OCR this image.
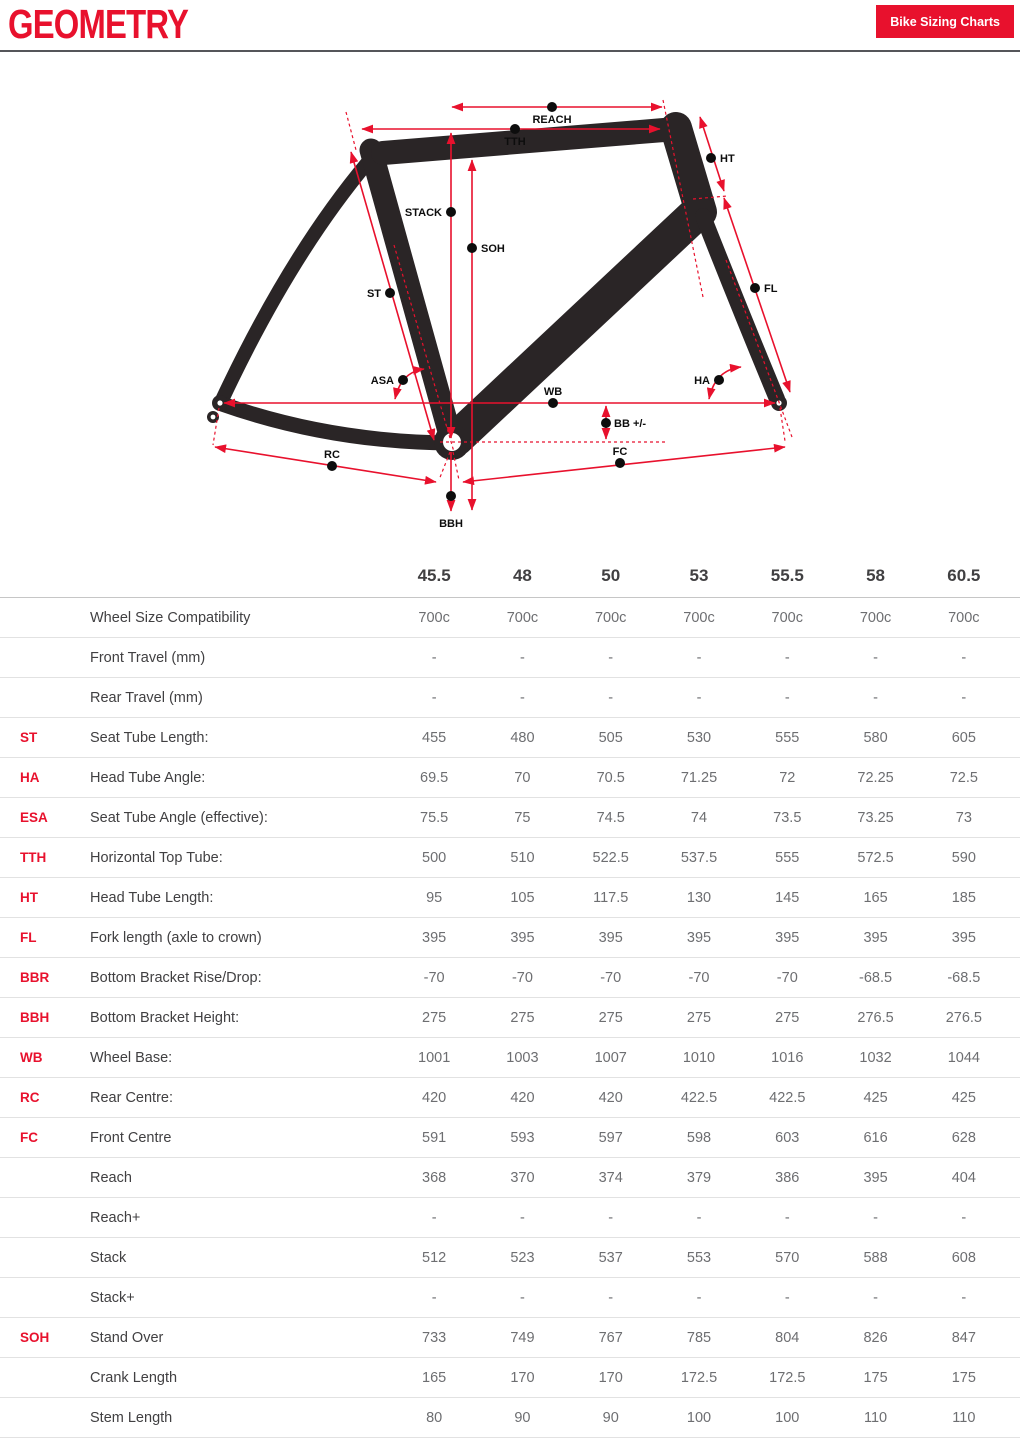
GEOMETRY	Bike Sizing Charts
REACH
TTH
STACK
SOH
ST
HT
FL
ASA	HA
WB
BB +/-
RC	FC
BBH
45.5	48	50	53	55.5	58	60.5
Wheel Size Compatibility	700c	700c	700c	700c	700c	700c	700c
Front Travel (mm)	-	-	-	-	-	-	-
Rear Travel (mm)	-	-	-	-	-	-	-
ST	Seat Tube Length:	455	480	505	530	555	580	605
HA	Head Tube Angle:	69.5	70	70.5	71.25	72	72.25	72.5
ESA	Seat Tube Angle (effective):	75.5	75	74.5	74	73.5	73.25	73
TTH	Horizontal Top Tube:	500	510	522.5	537.5	555	572.5	590
HT	Head Tube Length:	95	105	117.5	130	145	165	185
FL	Fork length (axle to crown)	395	395	395	395	395	395	395
BBR	Bottom Bracket Rise/Drop:	-70	-70	-70	-70	-70	-68.5	-68.5
BBH	Bottom Bracket Height:	275	275	275	275	275	276.5	276.5
WB	Wheel Base:	1001	1003	1007	1010	1016	1032	1044
RC	Rear Centre:	420	420	420	422.5	422.5	425	425
FC	Front Centre	591	593	597	598	603	616	628
Reach	368	370	374	379	386	395	404
Reach+	-	-	-	-	-	-	-
Stack	512	523	537	553	570	588	608
Stack+	-	-	-	-	-	-	-
SOH	Stand Over	733	749	767	785	804	826	847
Crank Length	165	170	170	172.5	172.5	175	175
Stem Length	80	90	90	100	100	110	110
